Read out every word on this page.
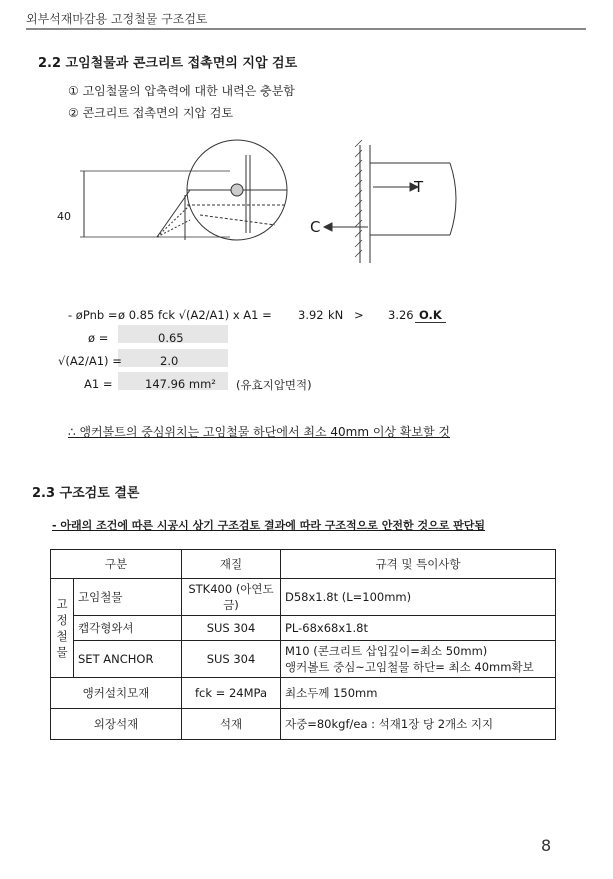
외부석재마감용 고정철물 구조검토
2.2 고임철물과 콘크리트 접촉면의 지압 검토
① 고임철물의 압축력에 대한 내력은 충분함
② 콘크리트 접촉면의 지압 검토
40
T
C
- øPnb = ø 0.85 fck √(A2/A1) x A1 = 3.92 kN > 3.26 O.K
ø =	0.65
√(A2/A1) =	2.0
A1 =	147.96 mm² (유효지압면적)
∴ 앵커볼트의 중심위치는 고임철물 하단에서 최소 40mm 이상 확보할 것
2.3 구조검토 결론
- 아래의 조건에 따른 시공시 상기 구조검토 결과에 따라 구조적으로 안전한 것으로 판단됨
구분		재질	규격 및 특이사항
고정 철물	고임철물	STK400 (아연도금)	D58x1.8t (L=100mm)
	캡각형와셔	SUS 304	PL-68x68x1.8t
	SET ANCHOR	SUS 304	M10 (콘크리트 삽입깊이=최소 50mm)
앵커볼트 중심~고임철물 하단= 최소 40mm확보

앵커설치모재		fck = 24MPa	최소두께 150mm
외장석재		석재	자중=80kgf/ea : 석재1장 당 2개소 지지
8
